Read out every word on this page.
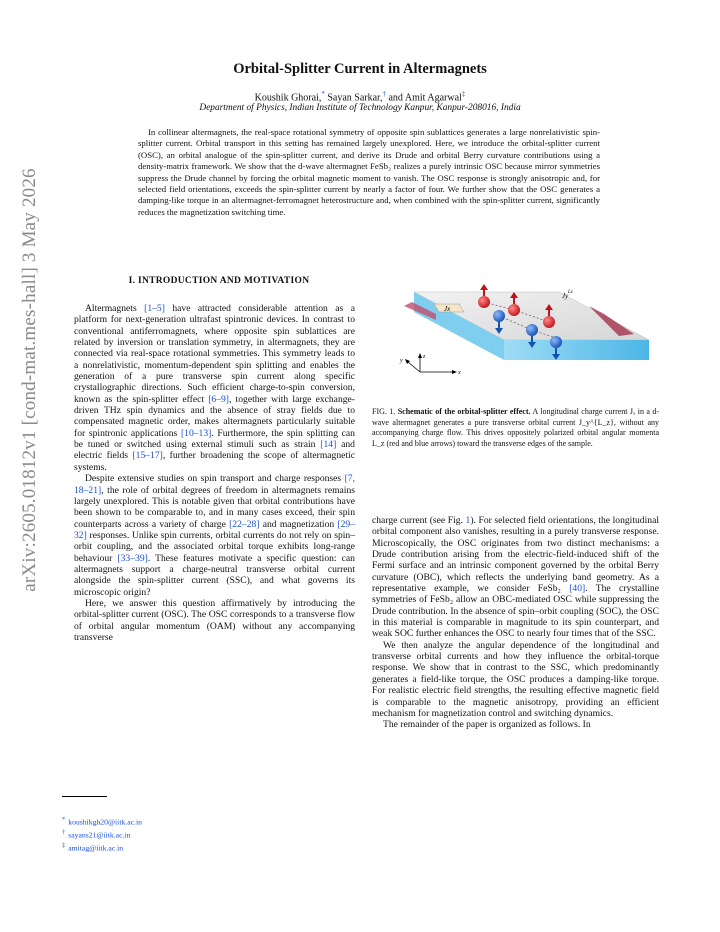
arXiv:2605.01812v1 [cond-mat.mes-hall] 3 May 2026
Orbital-Splitter Current in Altermagnets
Koushik Ghorai,* Sayan Sarkar,† and Amit Agarwal‡
Department of Physics, Indian Institute of Technology Kanpur, Kanpur-208016, India

In collinear altermagnets, the real-space rotational symmetry of opposite spin sublattices generates a large nonrelativistic spin-splitter current. Orbital transport in this setting has remained largely unexplored. Here, we introduce the orbital-splitter current (OSC), an orbital analogue of the spin-splitter current, and derive its Drude and orbital Berry curvature contributions using a density-matrix framework. We show that the d-wave altermagnet FeSb₂ realizes a purely intrinsic OSC because mirror symmetries suppress the Drude channel by forcing the orbital magnetic moment to vanish. The OSC response is strongly anisotropic and, for selected field orientations, exceeds the spin-splitter current by nearly a factor of four. We further show that the OSC generates a damping-like torque in an altermagnet-ferromagnet heterostructure and, when combined with the spin-splitter current, significantly reduces the magnetization switching time.

I. INTRODUCTION AND MOTIVATION

Altermagnets [1–5] have attracted considerable attention as a platform for next-generation ultrafast spintronic devices. In contrast to conventional antiferromagnets, where opposite spin sublattices are related by inversion or translation symmetry, in altermagnets, they are connected via real-space rotational symmetries. This symmetry leads to a nonrelativistic, momentum-dependent spin splitting and enables the generation of a pure transverse spin current along specific crystallographic directions. Such efficient charge-to-spin conversion, known as the spin-splitter effect [6–9], together with large exchange-driven THz spin dynamics and the absence of stray fields due to compensated magnetic order, makes altermagnets particularly suitable for spintronic applications [10–13]. Furthermore, the spin splitting can be tuned or switched using external stimuli such as strain [14] and electric fields [15–17], further broadening the scope of altermagnetic systems.

Despite extensive studies on spin transport and charge responses [7, 18–21], the role of orbital degrees of freedom in altermagnets remains largely unexplored. This is notable given that orbital contributions have been shown to be comparable to, and in many cases exceed, their spin counterparts across a variety of charge [22–28] and magnetization [29–32] responses. Unlike spin currents, orbital currents do not rely on spin–orbit coupling, and the associated orbital torque exhibits long-range behaviour [33–39]. These features motivate a specific question: can altermagnets support a charge-neutral transverse orbital current alongside the spin-splitter current (SSC), and what governs its microscopic origin?

Here, we answer this question affirmatively by introducing the orbital-splitter current (OSC). The OSC corresponds to a transverse flow of orbital angular momentum (OAM) without any accompanying transverse

* koushikgh20@iitk.ac.in
† sayans21@iitk.ac.in
‡ amitag@iitk.ac.in
Jx
Jy Lz
z
y
x
FIG. 1. Schematic of the orbital-splitter effect. A longitudinal charge current Jₓ in a d-wave altermagnet generates a pure transverse orbital current J_y^{L_z}, without any accompanying charge flow. This drives oppositely polarized orbital angular momenta L_z (red and blue arrows) toward the transverse edges of the sample.

charge current (see Fig. 1). For selected field orientations, the longitudinal orbital component also vanishes, resulting in a purely transverse response. Microscopically, the OSC originates from two distinct mechanisms: a Drude contribution arising from the electric-field-induced shift of the Fermi surface and an intrinsic component governed by the orbital Berry curvature (OBC), which reflects the underlying band geometry. As a representative example, we consider FeSb₂ [40]. The crystalline symmetries of FeSb₂ allow an OBC-mediated OSC while suppressing the Drude contribution. In the absence of spin–orbit coupling (SOC), the OSC in this material is comparable in magnitude to its spin counterpart, and weak SOC further enhances the OSC to nearly four times that of the SSC.

We then analyze the angular dependence of the longitudinal and transverse orbital currents and how they influence the orbital-torque response. We show that in contrast to the SSC, which predominantly generates a field-like torque, the OSC produces a damping-like torque. For realistic electric field strengths, the resulting effective magnetic field is comparable to the magnetic anisotropy, providing an efficient mechanism for magnetization control and switching dynamics.

The remainder of the paper is organized as follows. In
